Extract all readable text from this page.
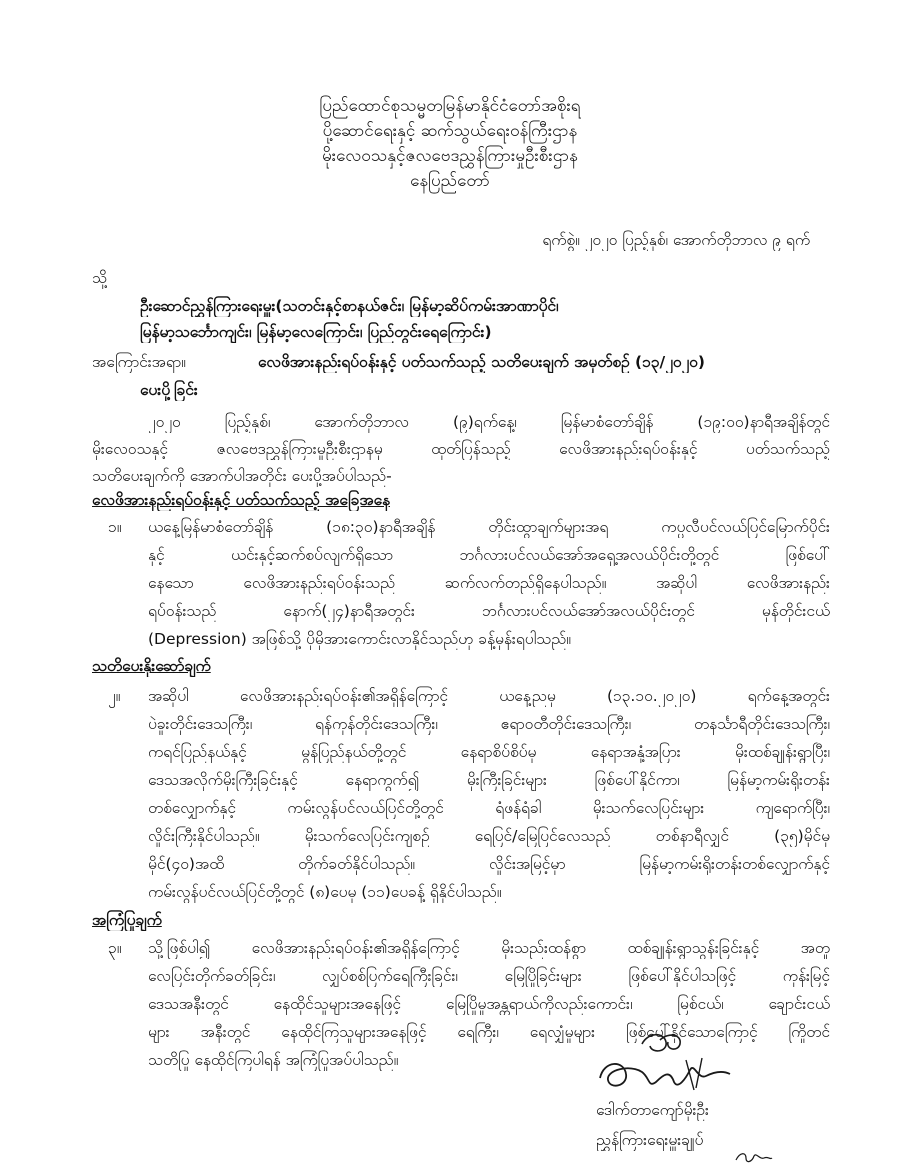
ပြည်ထောင်စုသမ္မတမြန်မာနိုင်ငံတော်အစိုးရ
ပို့ဆောင်ရေးနှင့် ဆက်သွယ်ရေးဝန်ကြီးဌာန
မိုးလေဝသနှင့်ဇလဗေဒညွှန်ကြားမှုဦးစီးဌာန
နေပြည်တော်
ရက်စွဲ။ ၂၀၂၀ ပြည့်နှစ်၊ အောက်တိုဘာလ ၉ ရက်
သို့
ဦးဆောင်ညွှန်ကြားရေးမှူး(သတင်းနှင့်စာနယ်ဇင်း၊ မြန်မာ့ဆိပ်ကမ်းအာဏာပိုင်၊
မြန်မာ့သင်္ဘောကျင်း၊ မြန်မာ့လေကြောင်း၊ ပြည်တွင်းရေကြောင်း)
အကြောင်းအရာ။	လေဖိအားနည်းရပ်ဝန်းနှင့် ပတ်သက်သည့် သတိပေးချက် အမှတ်စဉ် (၁၃/၂၀၂၀)
ပေးပို့ခြင်း
၂၀၂၀ ပြည့်နှစ်၊ အောက်တိုဘာလ (၉)ရက်နေ့၊ မြန်မာစံတော်ချိန် (၁၉:၀၀)နာရီအချိန်တွင်
မိုးလေဝသနှင့် ဇလဗေဒညွှန်ကြားမှုဦးစီးဌာနမှ ထုတ်ပြန်သည့် လေဖိအားနည်းရပ်ဝန်းနှင့် ပတ်သက်သည့်
သတိပေးချက်ကို အောက်ပါအတိုင်း ပေးပို့အပ်ပါသည်-
လေဖိအားနည်းရပ်ဝန်းနှင့် ပတ်သက်သည့် အခြေအနေ
၁။ ယနေ့မြန်မာစံတော်ချိန် (၁၈:၃၀)နာရီအချိန် တိုင်းထွာချက်များအရ ကပ္ပလီပင်လယ်ပြင်မြောက်ပိုင်း
နှင့် ယင်းနှင့်ဆက်စပ်လျက်ရှိသော ဘင်္ဂလားပင်လယ်အော်အရှေ့အလယ်ပိုင်းတို့တွင် ဖြစ်ပေါ်
နေသော လေဖိအားနည်းရပ်ဝန်းသည် ဆက်လက်တည်ရှိနေပါသည်။ အဆိုပါ လေဖိအားနည်း
ရပ်ဝန်းသည် နောက်(၂၄)နာရီအတွင်း ဘင်္ဂလားပင်လယ်အော်အလယ်ပိုင်းတွင် မုန်တိုင်းငယ်
(Depression) အဖြစ်သို့ ပိုမိုအားကောင်းလာနိုင်သည်ဟု ခန့်မှန်းရပါသည်။
သတိပေးနိုးဆော်ချက်
၂။ အဆိုပါ လေဖိအားနည်းရပ်ဝန်း၏အရှိန်ကြောင့် ယနေ့ညမှ (၁၃.၁၀.၂၀၂၀) ရက်နေ့အတွင်း
ပဲခူးတိုင်းဒေသကြီး၊ ရန်ကုန်တိုင်းဒေသကြီး၊ ဧရာဝတီတိုင်းဒေသကြီး၊ တနင်္သာရီတိုင်းဒေသကြီး၊
ကရင်ပြည်နယ်နှင့် မွန်ပြည်နယ်တို့တွင် နေရာစိပ်စိပ်မှ နေရာအနှံ့အပြား မိုးထစ်ချုန်းရွာပြီး၊
ဒေသအလိုက်မိုးကြီးခြင်းနှင့် နေရာကွက်၍ မိုးကြီးခြင်းများ ဖြစ်ပေါ်နိုင်ကာ၊ မြန်မာ့ကမ်းရိုးတန်း
တစ်လျှောက်နှင့် ကမ်းလွန်ပင်လယ်ပြင်တို့တွင် ရံဖန်ရံခါ မိုးသက်လေပြင်းများ ကျရောက်ပြီး၊
လှိုင်းကြီးနိုင်ပါသည်။ မိုးသက်လေပြင်းကျစဉ် ရေပြင်/မြေပြင်လေသည် တစ်နာရီလျှင် (၃၅)မိုင်မှ
မိုင်(၄၀)အထိ တိုက်ခတ်နိုင်ပါသည်။ လှိုင်းအမြင့်မှာ မြန်မာ့ကမ်းရိုးတန်းတစ်လျှောက်နှင့်
ကမ်းလွန်ပင်လယ်ပြင်တို့တွင် (၈)ပေမှ (၁၁)ပေခန့် ရှိနိုင်ပါသည်။
အကြံပြုချက်
၃။ သို့ဖြစ်ပါ၍ လေဖိအားနည်းရပ်ဝန်း၏အရှိန်ကြောင့် မိုးသည်းထန်စွာ ထစ်ချုန်းရွာသွန်းခြင်းနှင့် အတူ
လေပြင်းတိုက်ခတ်ခြင်း၊ လျှပ်စစ်ပြက်ရေကြီးခြင်း၊ မြေပြိုခြင်းများ ဖြစ်ပေါ်နိုင်ပါသဖြင့် ကုန်းမြင့်
ဒေသအနီးတွင် နေထိုင်သူများအနေဖြင့် မြေပြိုမှုအန္တရာယ်ကိုလည်းကောင်း၊ မြစ်ငယ်၊ ချောင်းငယ်
များ အနီးတွင် နေထိုင်ကြသူများအနေဖြင့် ရေကြီး၊ ရေလျှံမှုများ ဖြစ်ပေါ်နိုင်သောကြောင့် ကြိုတင်
သတိပြု နေထိုင်ကြပါရန် အကြံပြုအပ်ပါသည်။
ဒေါက်တာကျော်မိုးဦး
ညွှန်ကြားရေးမှူးချုပ်
